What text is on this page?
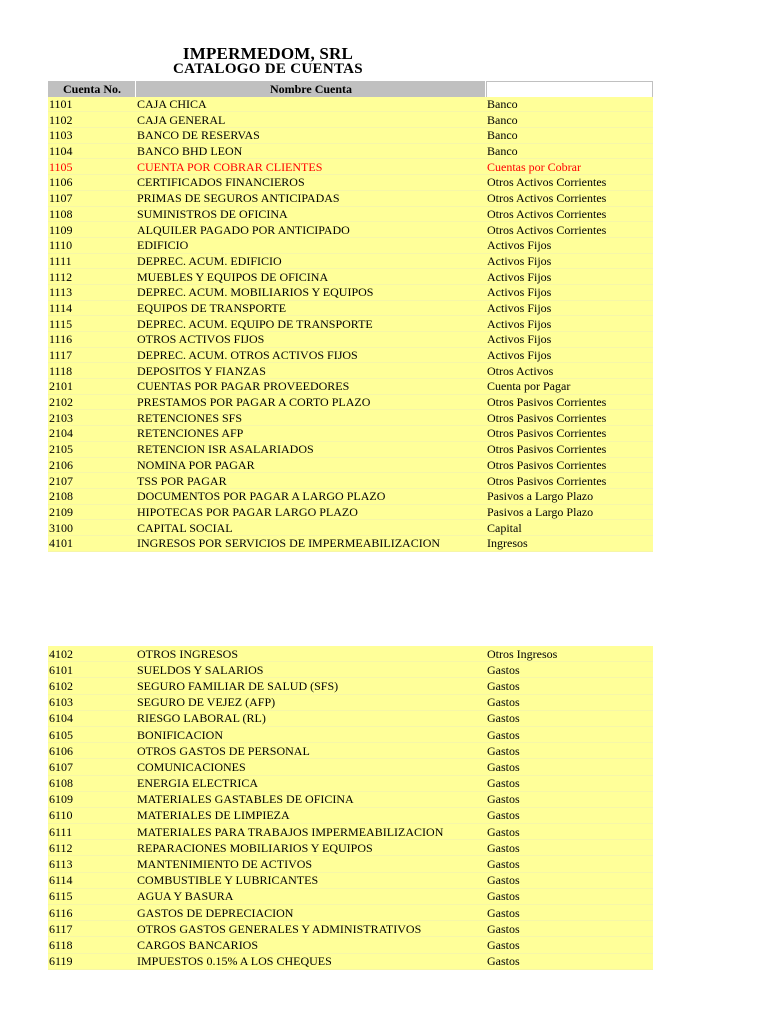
IMPERMEDOM, SRL
CATALOGO DE CUENTAS
Cuenta No.	Nombre Cuenta	
1101	CAJA CHICA	Banco
1102	CAJA GENERAL	Banco
1103	BANCO DE RESERVAS	Banco
1104	BANCO BHD LEON	Banco
1105	CUENTA POR COBRAR CLIENTES	Cuentas por Cobrar
1106	CERTIFICADOS FINANCIEROS	Otros Activos Corrientes
1107	PRIMAS DE SEGUROS ANTICIPADAS	Otros Activos Corrientes
1108	SUMINISTROS DE OFICINA	Otros Activos Corrientes
1109	ALQUILER PAGADO POR ANTICIPADO	Otros Activos Corrientes
1110	EDIFICIO	Activos Fijos
1111	DEPREC. ACUM. EDIFICIO	Activos Fijos
1112	MUEBLES Y EQUIPOS DE OFICINA	Activos Fijos
1113	DEPREC. ACUM. MOBILIARIOS Y EQUIPOS	Activos Fijos
1114	EQUIPOS DE TRANSPORTE	Activos Fijos
1115	DEPREC. ACUM. EQUIPO DE TRANSPORTE	Activos Fijos
1116	OTROS ACTIVOS FIJOS	Activos Fijos
1117	DEPREC. ACUM. OTROS ACTIVOS FIJOS	Activos Fijos
1118	DEPOSITOS Y FIANZAS	Otros Activos
2101	CUENTAS POR PAGAR PROVEEDORES	Cuenta por Pagar
2102	PRESTAMOS POR PAGAR A CORTO PLAZO	Otros Pasivos Corrientes
2103	RETENCIONES SFS	Otros Pasivos Corrientes
2104	RETENCIONES AFP	Otros Pasivos Corrientes
2105	RETENCION ISR ASALARIADOS	Otros Pasivos Corrientes
2106	NOMINA POR PAGAR	Otros Pasivos Corrientes
2107	TSS POR PAGAR	Otros Pasivos Corrientes
2108	DOCUMENTOS POR PAGAR A LARGO PLAZO	Pasivos a Largo Plazo
2109	HIPOTECAS POR PAGAR LARGO PLAZO	Pasivos a Largo Plazo
3100	CAPITAL SOCIAL	Capital
4101	INGRESOS POR SERVICIOS DE IMPERMEABILIZACION	Ingresos
4102	OTROS INGRESOS	Otros Ingresos
6101	SUELDOS Y SALARIOS	Gastos
6102	SEGURO FAMILIAR DE SALUD (SFS)	Gastos
6103	SEGURO DE VEJEZ (AFP)	Gastos
6104	RIESGO LABORAL (RL)	Gastos
6105	BONIFICACION	Gastos
6106	OTROS GASTOS DE PERSONAL	Gastos
6107	COMUNICACIONES	Gastos
6108	ENERGIA ELECTRICA	Gastos
6109	MATERIALES GASTABLES DE OFICINA	Gastos
6110	MATERIALES DE LIMPIEZA	Gastos
6111	MATERIALES PARA TRABAJOS IMPERMEABILIZACION	Gastos
6112	REPARACIONES MOBILIARIOS Y EQUIPOS	Gastos
6113	MANTENIMIENTO DE ACTIVOS	Gastos
6114	COMBUSTIBLE Y LUBRICANTES	Gastos
6115	AGUA Y BASURA	Gastos
6116	GASTOS DE DEPRECIACION	Gastos
6117	OTROS GASTOS GENERALES Y ADMINISTRATIVOS	Gastos
6118	CARGOS BANCARIOS	Gastos
6119	IMPUESTOS 0.15% A LOS CHEQUES	Gastos
